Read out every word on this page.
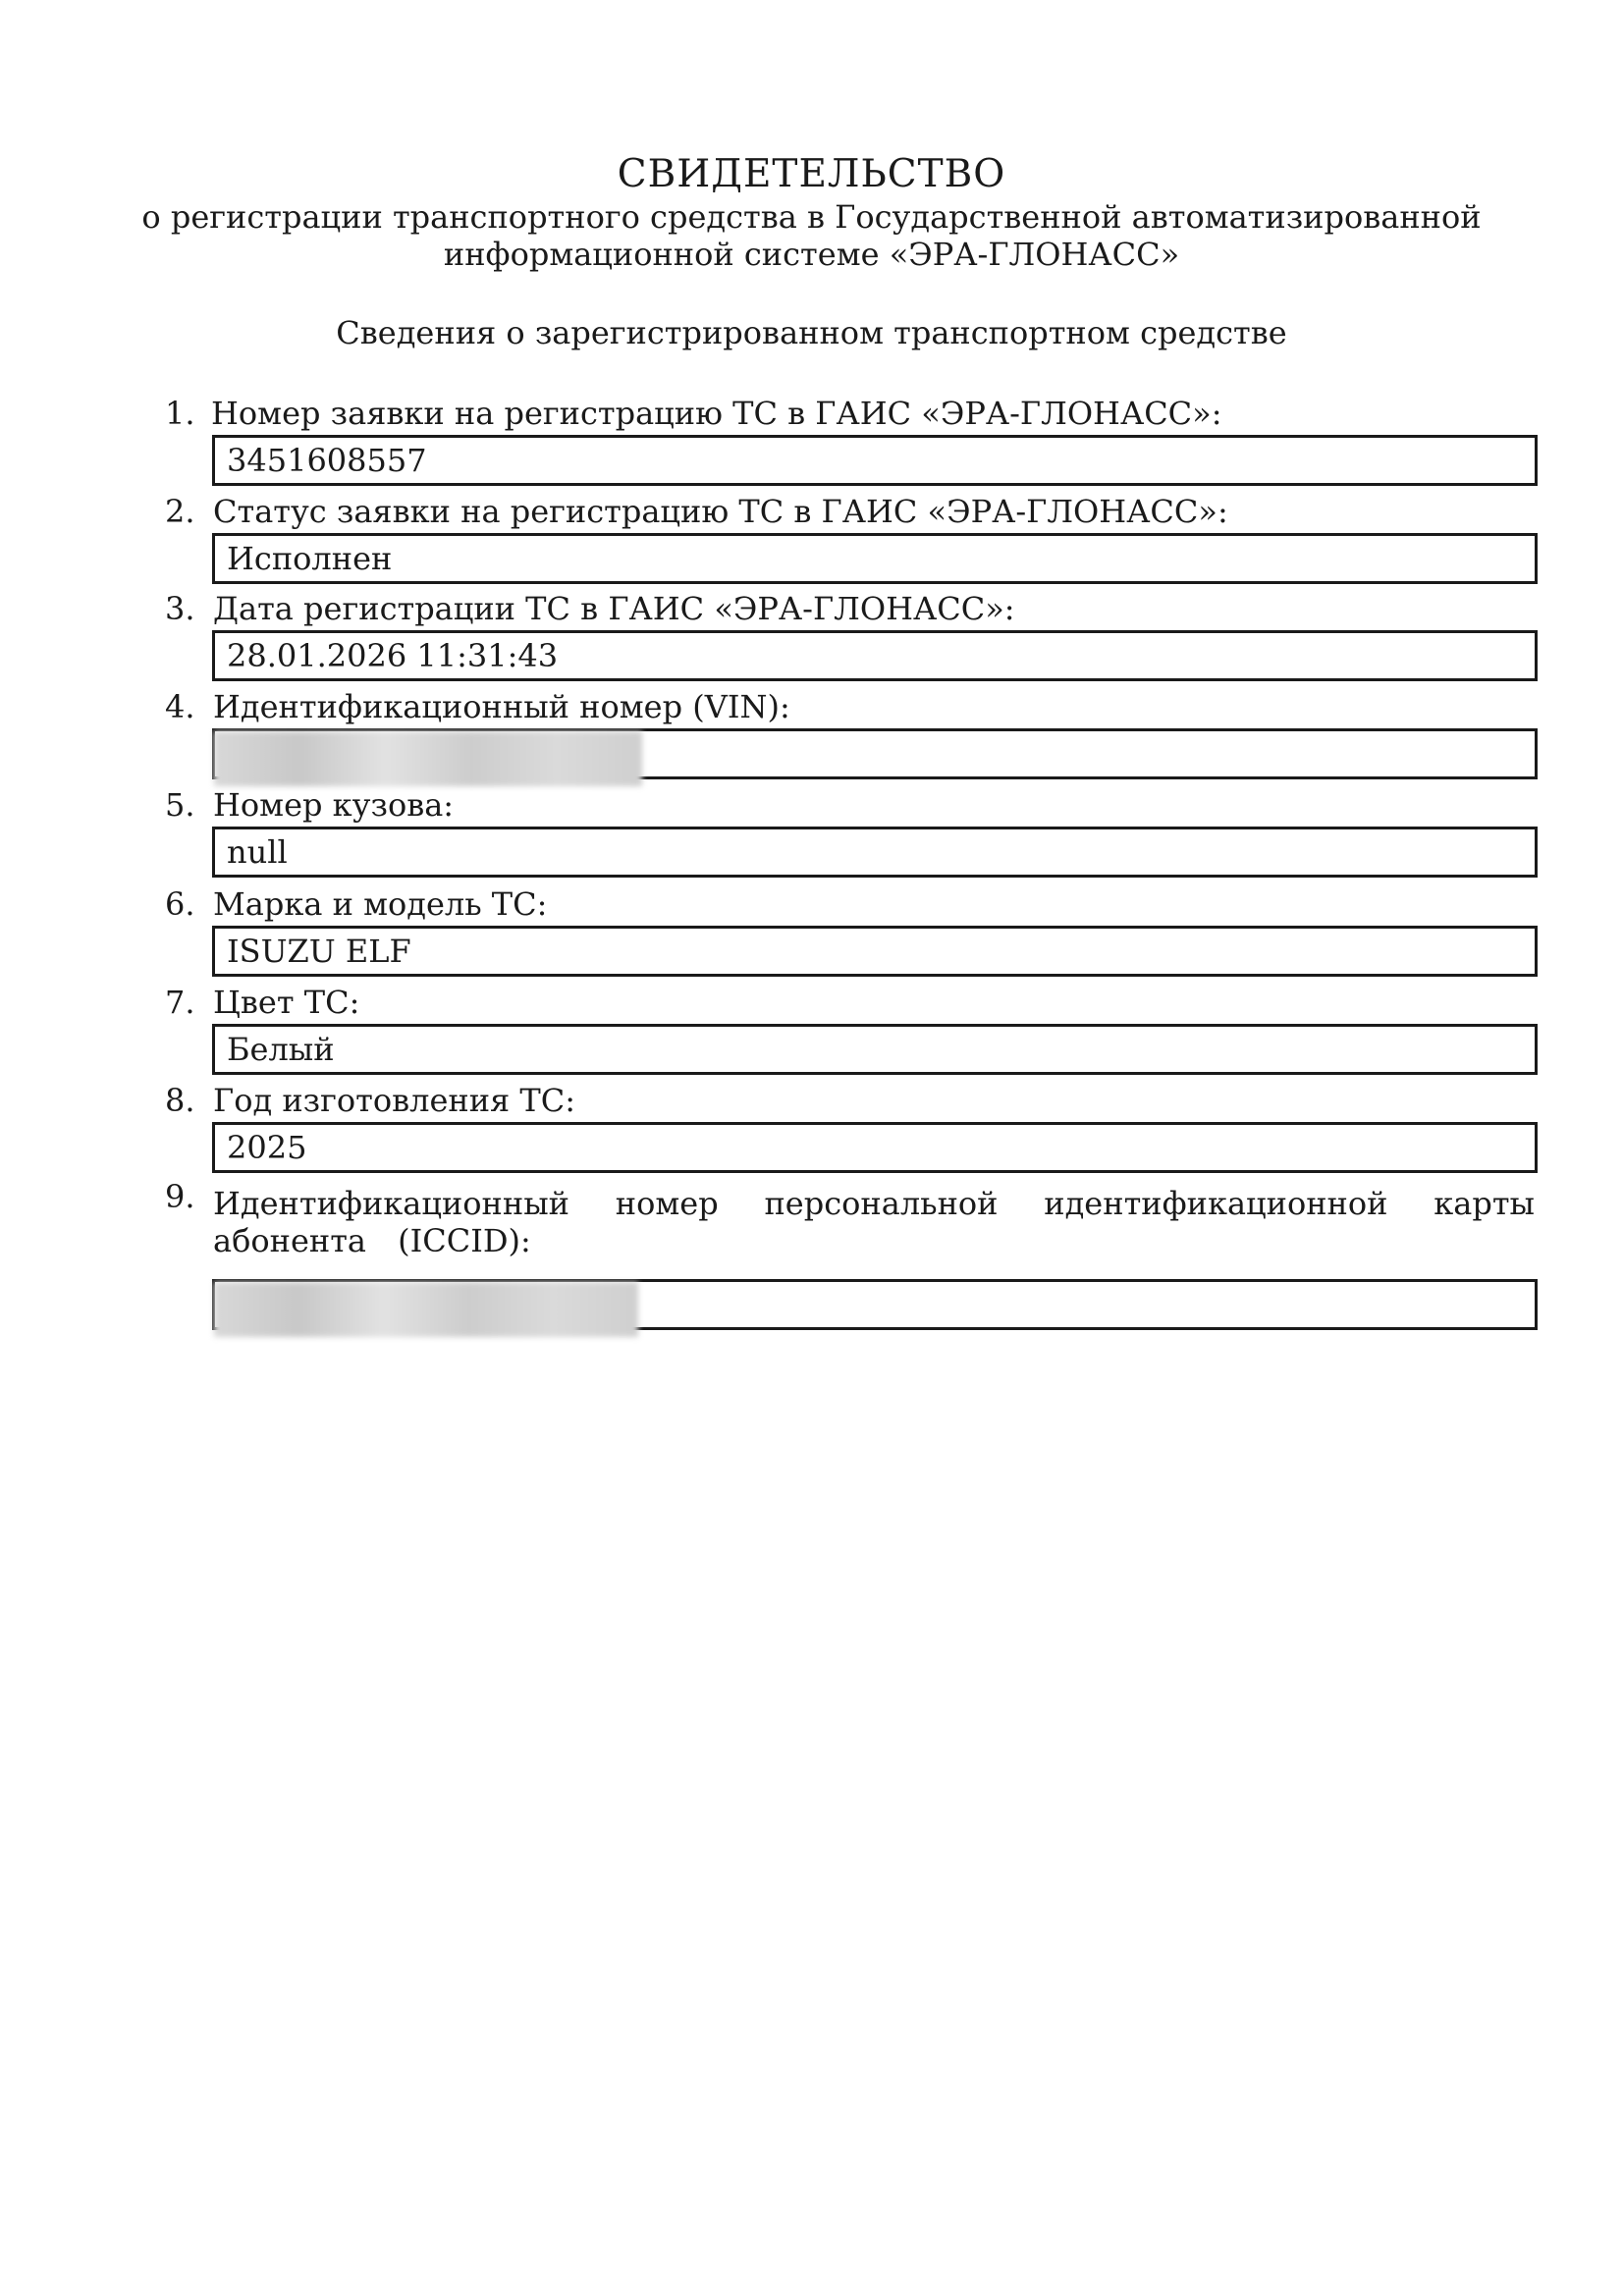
СВИДЕТЕЛЬСТВО
о регистрации транспортного средства в Государственной автоматизированной
информационной системе «ЭРА-ГЛОНАСС»
Сведения о зарегистрированном транспортном средстве
1. Номер заявки на регистрацию ТС в ГАИС «ЭРА-ГЛОНАСС»:
3451608557
2. Статус заявки на регистрацию ТС в ГАИС «ЭРА-ГЛОНАСС»:
Исполнен
3. Дата регистрации ТС в ГАИС «ЭРА-ГЛОНАСС»:
28.01.2026 11:31:43
4. Идентификационный номер (VIN):
5. Номер кузова:
null
6. Марка и модель ТС:
ISUZU ELF
7. Цвет ТС:
Белый
8. Год изготовления ТС:
2025
9. Идентификационный номер персональной идентификационной карты абонента (ICCID):
